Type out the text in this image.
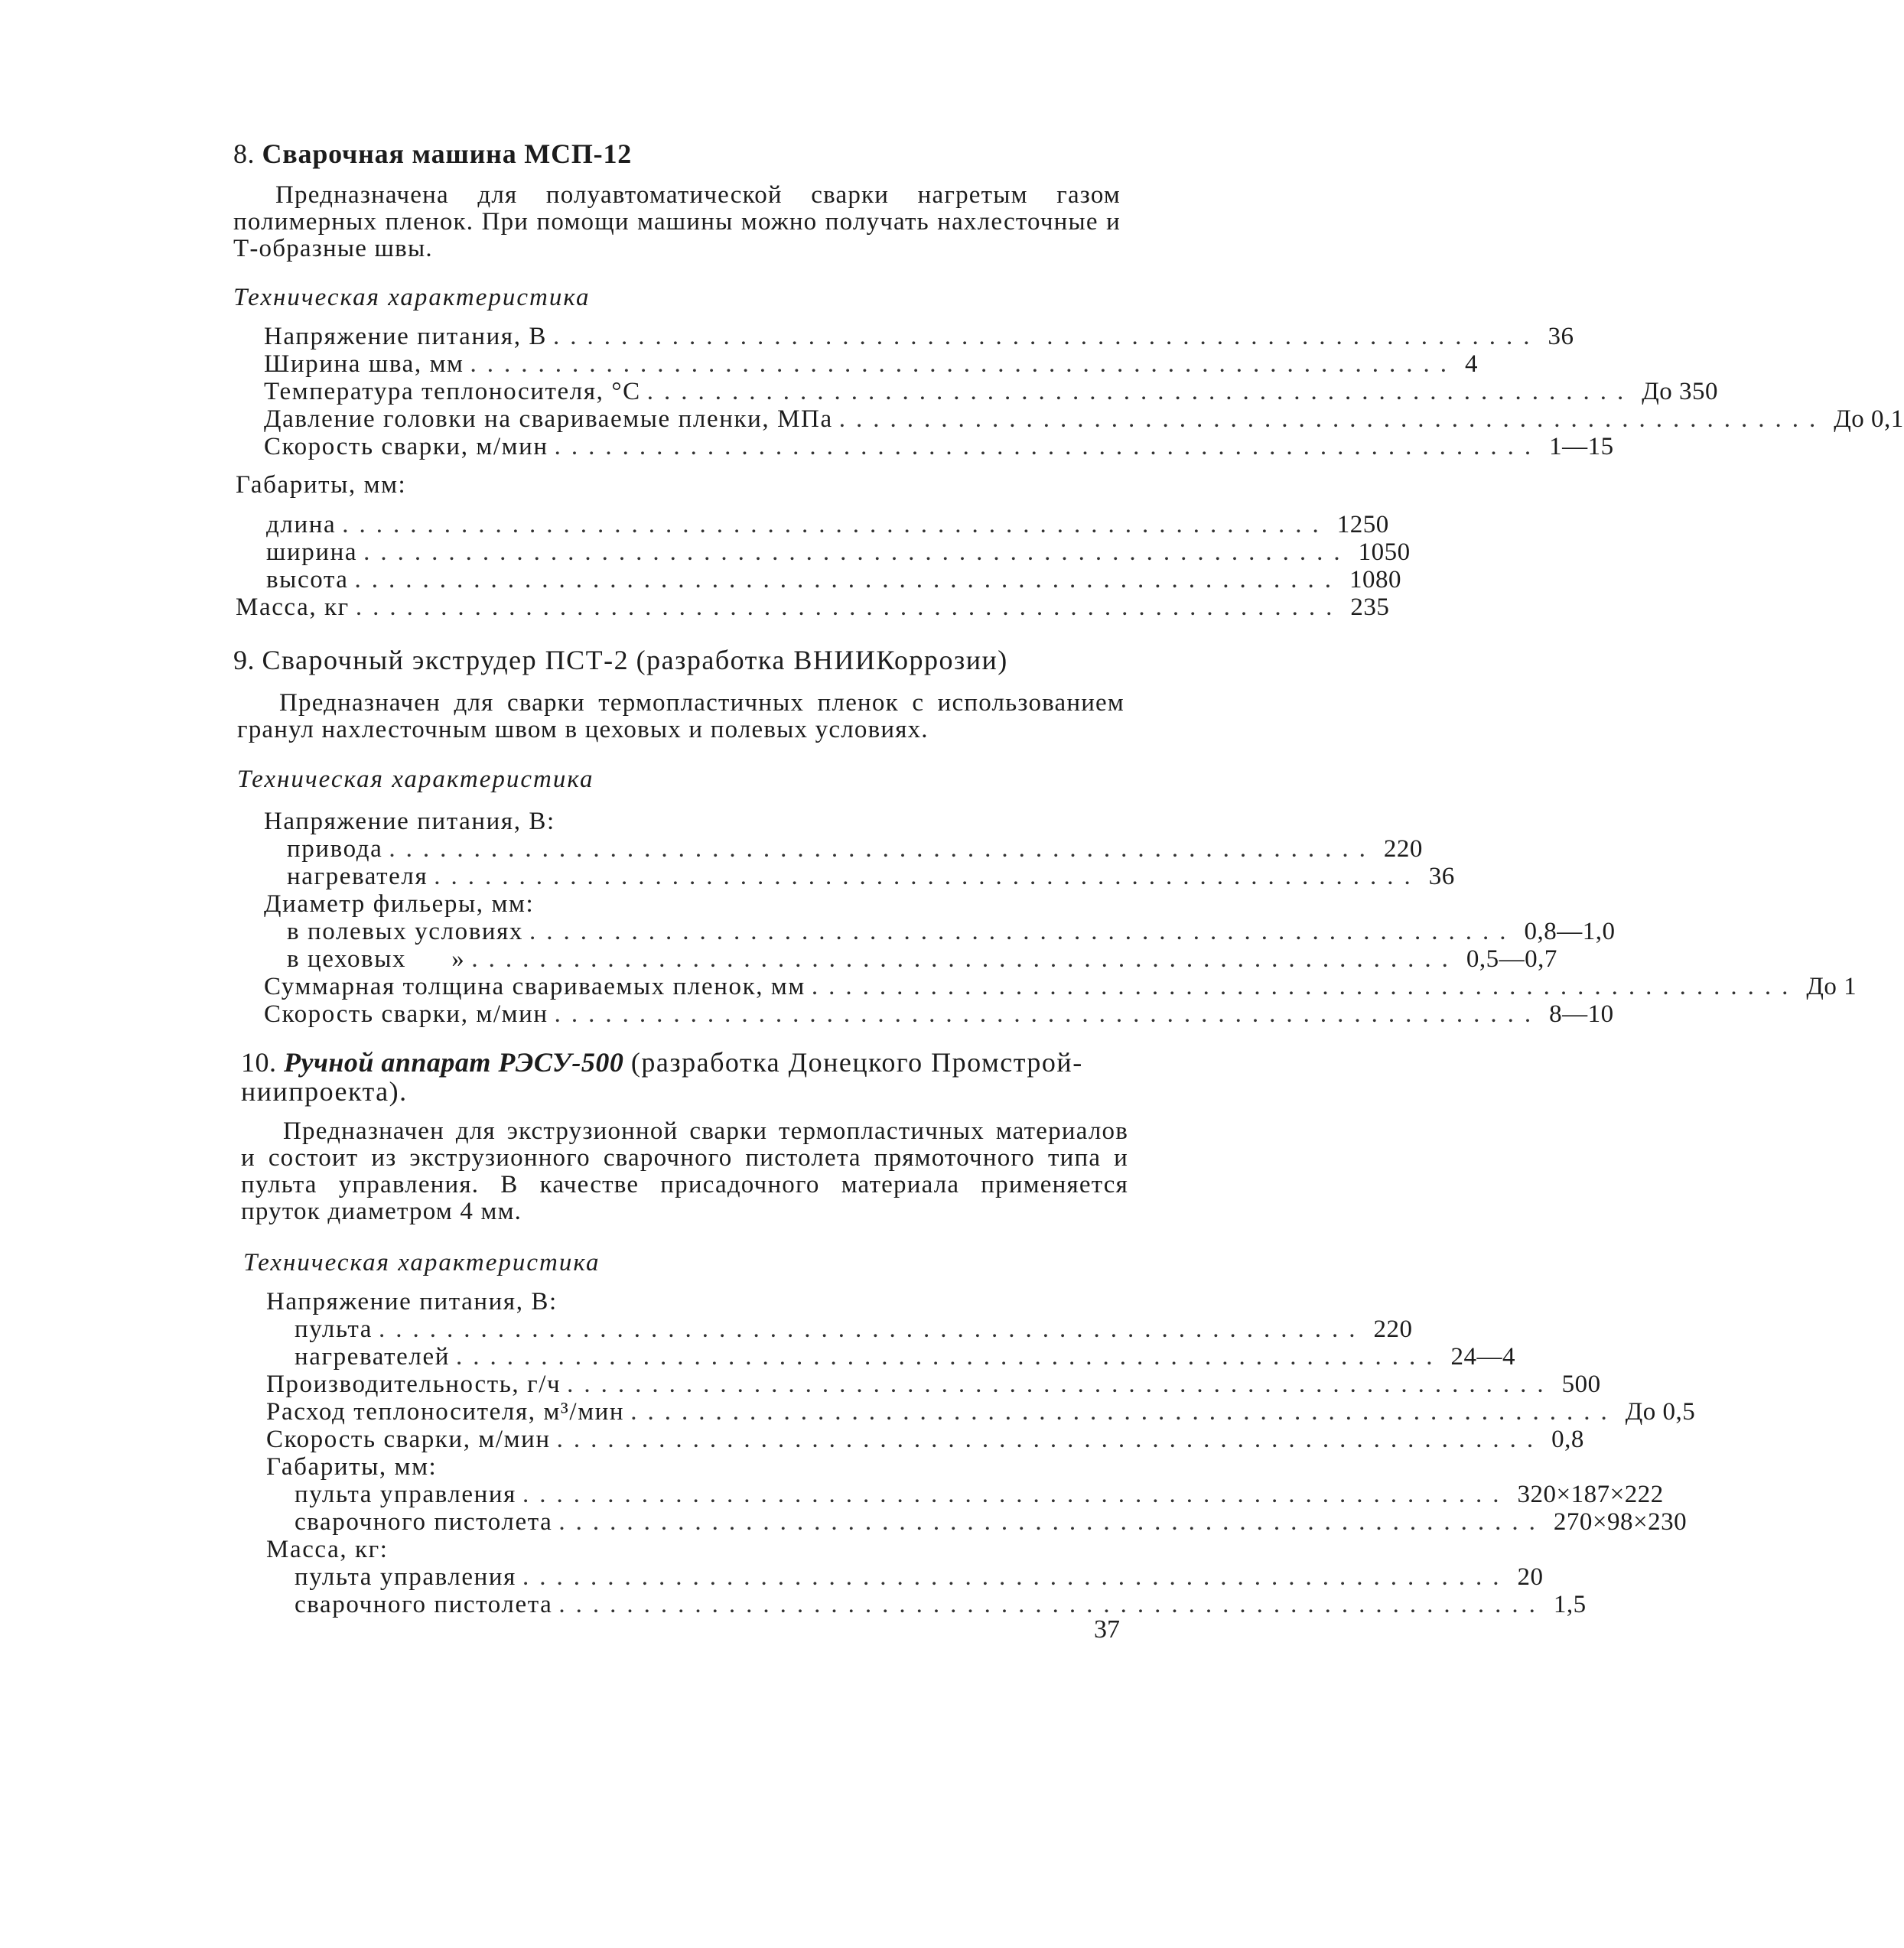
8. Сварочная машина МСП-12
Предназначена для полуавтоматической сварки нагретым газом полимерных пленок. При помощи машины можно получать нахлесточные и Т-образные швы.
Техническая характеристика
Напряжение питания, В .......................................................... 36
Ширина шва, мм .......................................................... 4
Температура теплоносителя, °С .......................................................... До 350
Давление головки на свариваемые пленки, МПа .......................................................... До 0,1
Скорость сварки, м/мин .......................................................... 1—15
Габариты, мм:
длина .......................................................... 1250
ширина .......................................................... 1050
высота .......................................................... 1080
Масса, кг .......................................................... 235
9. Сварочный экструдер ПСТ-2 (разработка ВНИИКоррозии)
Предназначен для сварки термопластичных пленок с использованием гранул нахлесточным швом в цеховых и полевых условиях.
Техническая характеристика
Напряжение питания, В:
привода .......................................................... 220
нагревателя .......................................................... 36
Диаметр фильеры, мм:
в полевых условиях .......................................................... 0,8—1,0
в цеховых      » .......................................................... 0,5—0,7
Суммарная толщина свариваемых пленок, мм .......................................................... До 1
Скорость сварки, м/мин .......................................................... 8—10
10. Ручной аппарат РЭСУ-500 (разработка Донецкого Промстрой-
ниипроекта).
Предназначен для экструзионной сварки термопластичных материалов и состоит из экструзионного сварочного пистолета прямоточного типа и пульта управления. В качестве присадочного материала применяется пруток диаметром 4 мм.
Техническая характеристика
Напряжение питания, В:
пульта .......................................................... 220
нагревателей .......................................................... 24—4
Производительность, г/ч .......................................................... 500
Расход теплоносителя, м³/мин .......................................................... До 0,5
Скорость сварки, м/мин .......................................................... 0,8
Габариты, мм:
пульта управления .......................................................... 320×187×222
сварочного пистолета .......................................................... 270×98×230
Масса, кг:
пульта управления .......................................................... 20
сварочного пистолета .......................................................... 1,5
37
